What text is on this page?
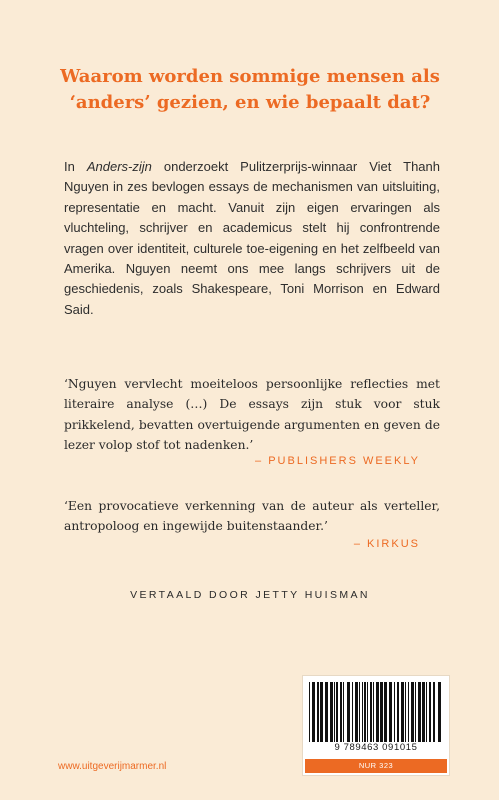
Waarom worden sommige mensen als
‘anders’ gezien, en wie bepaalt dat?

In Anders-zijn onderzoekt Pulitzerprijs-winnaar Viet Thanh Nguyen in zes bevlogen essays de mechanismen van uitsluiting, representatie en macht. Vanuit zijn eigen ervaringen als vluchteling, schrijver en academicus stelt hij confrontrende vragen over identiteit, culturele toe-eigening en het zelfbeeld van Amerika. Nguyen neemt ons mee langs schrijvers uit de geschiedenis, zoals Shakespeare, Toni Morrison en Edward Said.

‘Nguyen vervlecht moeiteloos persoonlijke reflecties met literaire analyse (…) De essays zijn stuk voor stuk prikkelend, bevatten overtuigende argumenten en geven de lezer volop stof tot nadenken.’

– PUBLISHERS WEEKLY

‘Een provocatieve verkenning van de auteur als verteller, antropoloog en ingewijde buitenstaander.’

– KIRKUS
VERTAALD DOOR JETTY HUISMAN
9 789463 091015
NUR 323
www.uitgeverijmarmer.nl
